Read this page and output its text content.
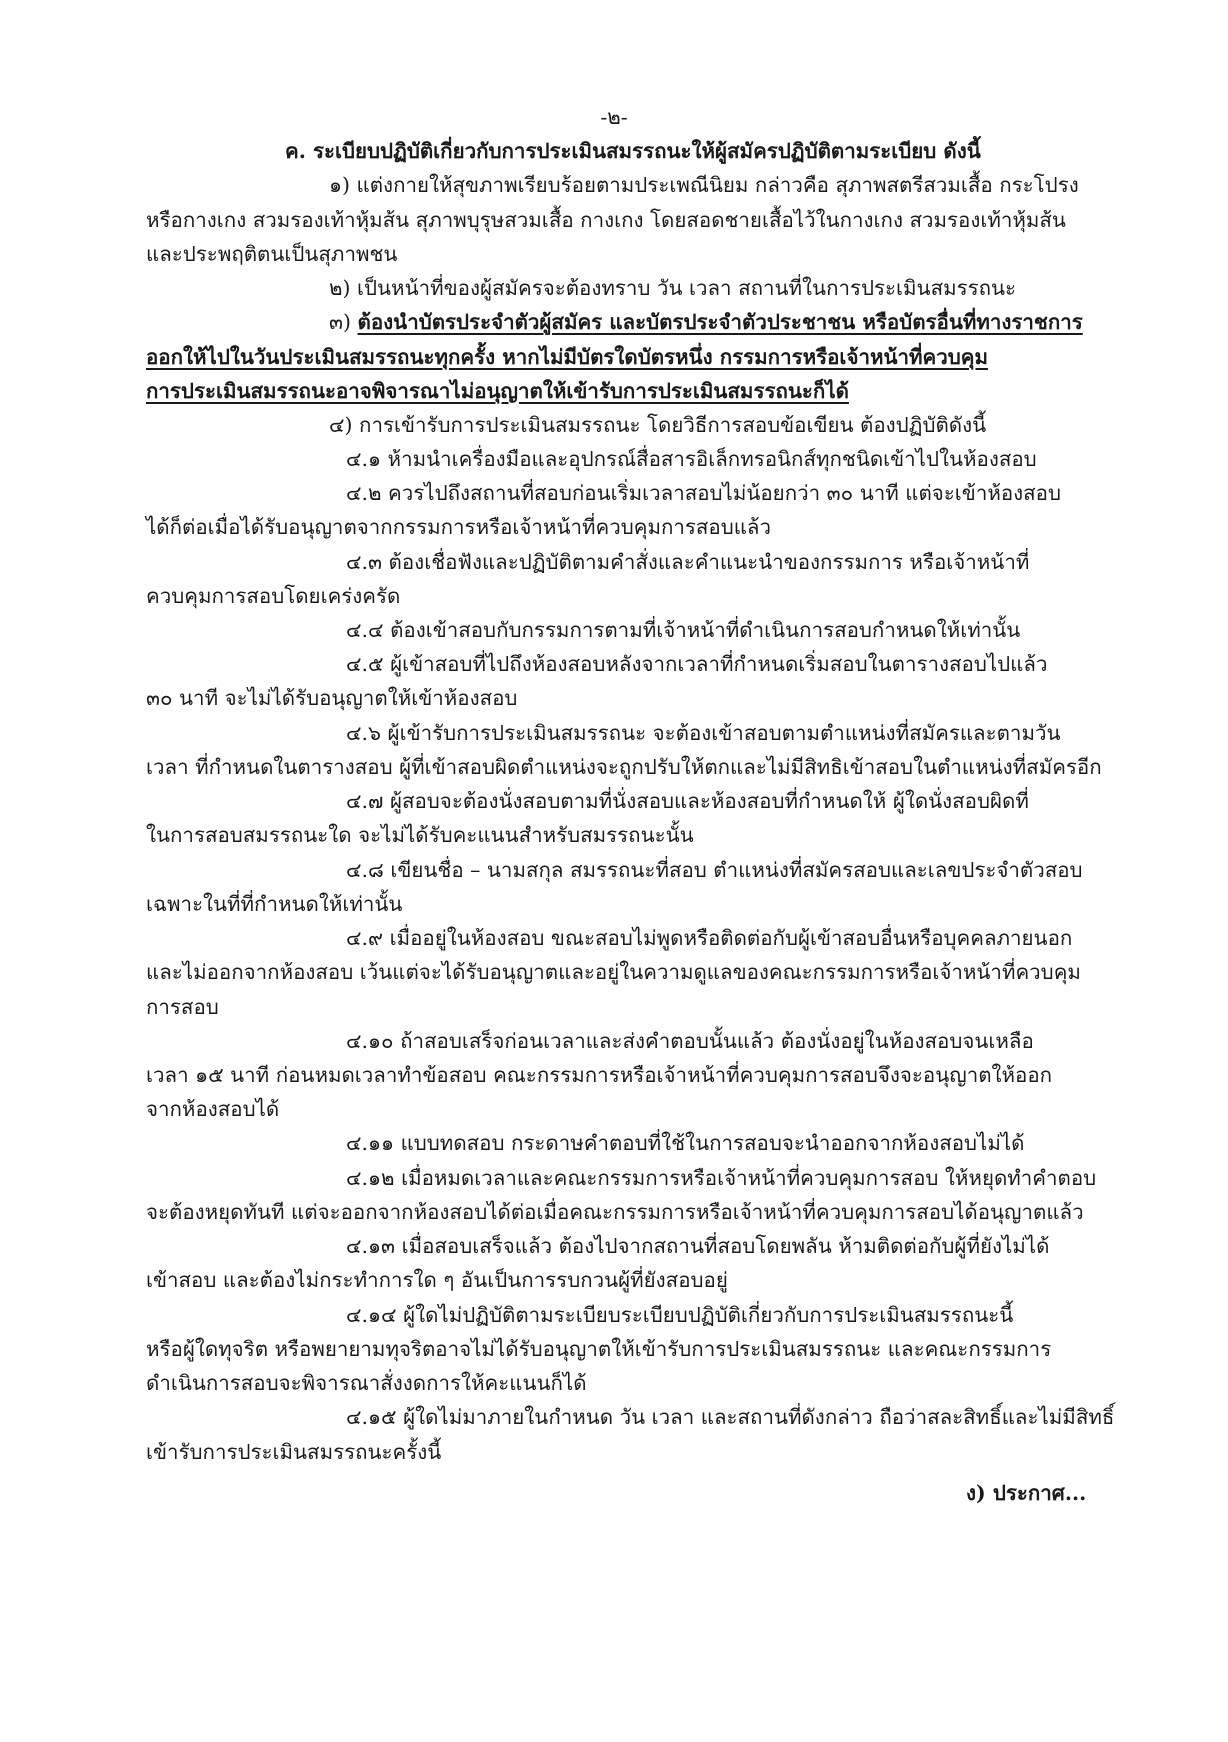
-๒-
ค. ระเบียบปฏิบัติเกี่ยวกับการประเมินสมรรถนะให้ผู้สมัครปฏิบัติตามระเบียบ ดังนี้
๑) แต่งกายให้สุขภาพเรียบร้อยตามประเพณีนิยม กล่าวคือ สุภาพสตรีสวมเสื้อ กระโปรง
หรือกางเกง สวมรองเท้าหุ้มส้น สุภาพบุรุษสวมเสื้อ กางเกง โดยสอดชายเสื้อไว้ในกางเกง สวมรองเท้าหุ้มส้น
และประพฤติตนเป็นสุภาพชน
๒) เป็นหน้าที่ของผู้สมัครจะต้องทราบ วัน เวลา สถานที่ในการประเมินสมรรถนะ
๓) ต้องนำบัตรประจำตัวผู้สมัคร และบัตรประจำตัวประชาชน หรือบัตรอื่นที่ทางราชการ
ออกให้ไปในวันประเมินสมรรถนะทุกครั้ง หากไม่มีบัตรใดบัตรหนึ่ง กรรมการหรือเจ้าหน้าที่ควบคุม
การประเมินสมรรถนะอาจพิจารณาไม่อนุญาตให้เข้ารับการประเมินสมรรถนะก็ได้
๔) การเข้ารับการประเมินสมรรถนะ โดยวิธีการสอบข้อเขียน ต้องปฏิบัติดังนี้
๔.๑ ห้ามนำเครื่องมือและอุปกรณ์สื่อสารอิเล็กทรอนิกส์ทุกชนิดเข้าไปในห้องสอบ
๔.๒ ควรไปถึงสถานที่สอบก่อนเริ่มเวลาสอบไม่น้อยกว่า ๓๐ นาที แต่จะเข้าห้องสอบ
ได้ก็ต่อเมื่อได้รับอนุญาตจากกรรมการหรือเจ้าหน้าที่ควบคุมการสอบแล้ว
๔.๓ ต้องเชื่อฟังและปฏิบัติตามคำสั่งและคำแนะนำของกรรมการ หรือเจ้าหน้าที่
ควบคุมการสอบโดยเคร่งครัด
๔.๔ ต้องเข้าสอบกับกรรมการตามที่เจ้าหน้าที่ดำเนินการสอบกำหนดให้เท่านั้น
๔.๕ ผู้เข้าสอบที่ไปถึงห้องสอบหลังจากเวลาที่กำหนดเริ่มสอบในตารางสอบไปแล้ว
๓๐ นาที จะไม่ได้รับอนุญาตให้เข้าห้องสอบ
๔.๖ ผู้เข้ารับการประเมินสมรรถนะ จะต้องเข้าสอบตามตำแหน่งที่สมัครและตามวัน
เวลา ที่กำหนดในตารางสอบ ผู้ที่เข้าสอบผิดตำแหน่งจะถูกปรับให้ตกและไม่มีสิทธิเข้าสอบในตำแหน่งที่สมัครอีก
๔.๗ ผู้สอบจะต้องนั่งสอบตามที่นั่งสอบและห้องสอบที่กำหนดให้ ผู้ใดนั่งสอบผิดที่
ในการสอบสมรรถนะใด จะไม่ได้รับคะแนนสำหรับสมรรถนะนั้น
๔.๘ เขียนชื่อ – นามสกุล สมรรถนะที่สอบ ตำแหน่งที่สมัครสอบและเลขประจำตัวสอบ
เฉพาะในที่ที่กำหนดให้เท่านั้น
๔.๙ เมื่ออยู่ในห้องสอบ ขณะสอบไม่พูดหรือติดต่อกับผู้เข้าสอบอื่นหรือบุคคลภายนอก
และไม่ออกจากห้องสอบ เว้นแต่จะได้รับอนุญาตและอยู่ในความดูแลของคณะกรรมการหรือเจ้าหน้าที่ควบคุม
การสอบ
๔.๑๐ ถ้าสอบเสร็จก่อนเวลาและส่งคำตอบนั้นแล้ว ต้องนั่งอยู่ในห้องสอบจนเหลือ
เวลา ๑๕ นาที ก่อนหมดเวลาทำข้อสอบ คณะกรรมการหรือเจ้าหน้าที่ควบคุมการสอบจึงจะอนุญาตให้ออก
จากห้องสอบได้
๔.๑๑ แบบทดสอบ กระดาษคำตอบที่ใช้ในการสอบจะนำออกจากห้องสอบไม่ได้
๔.๑๒ เมื่อหมดเวลาและคณะกรรมการหรือเจ้าหน้าที่ควบคุมการสอบ ให้หยุดทำคำตอบ
จะต้องหยุดทันที แต่จะออกจากห้องสอบได้ต่อเมื่อคณะกรรมการหรือเจ้าหน้าที่ควบคุมการสอบได้อนุญาตแล้ว
๔.๑๓ เมื่อสอบเสร็จแล้ว ต้องไปจากสถานที่สอบโดยพลัน ห้ามติดต่อกับผู้ที่ยังไม่ได้
เข้าสอบ และต้องไม่กระทำการใด ๆ อันเป็นการรบกวนผู้ที่ยังสอบอยู่
๔.๑๔ ผู้ใดไม่ปฏิบัติตามระเบียบระเบียบปฏิบัติเกี่ยวกับการประเมินสมรรถนะนี้
หรือผู้ใดทุจริต หรือพยายามทุจริตอาจไม่ได้รับอนุญาตให้เข้ารับการประเมินสมรรถนะ และคณะกรรมการ
ดำเนินการสอบจะพิจารณาสั่งงดการให้คะแนนก็ได้
๔.๑๕ ผู้ใดไม่มาภายในกำหนด วัน เวลา และสถานที่ดังกล่าว ถือว่าสละสิทธิ์และไม่มีสิทธิ์
เข้ารับการประเมินสมรรถนะครั้งนี้
ง) ประกาศ...
